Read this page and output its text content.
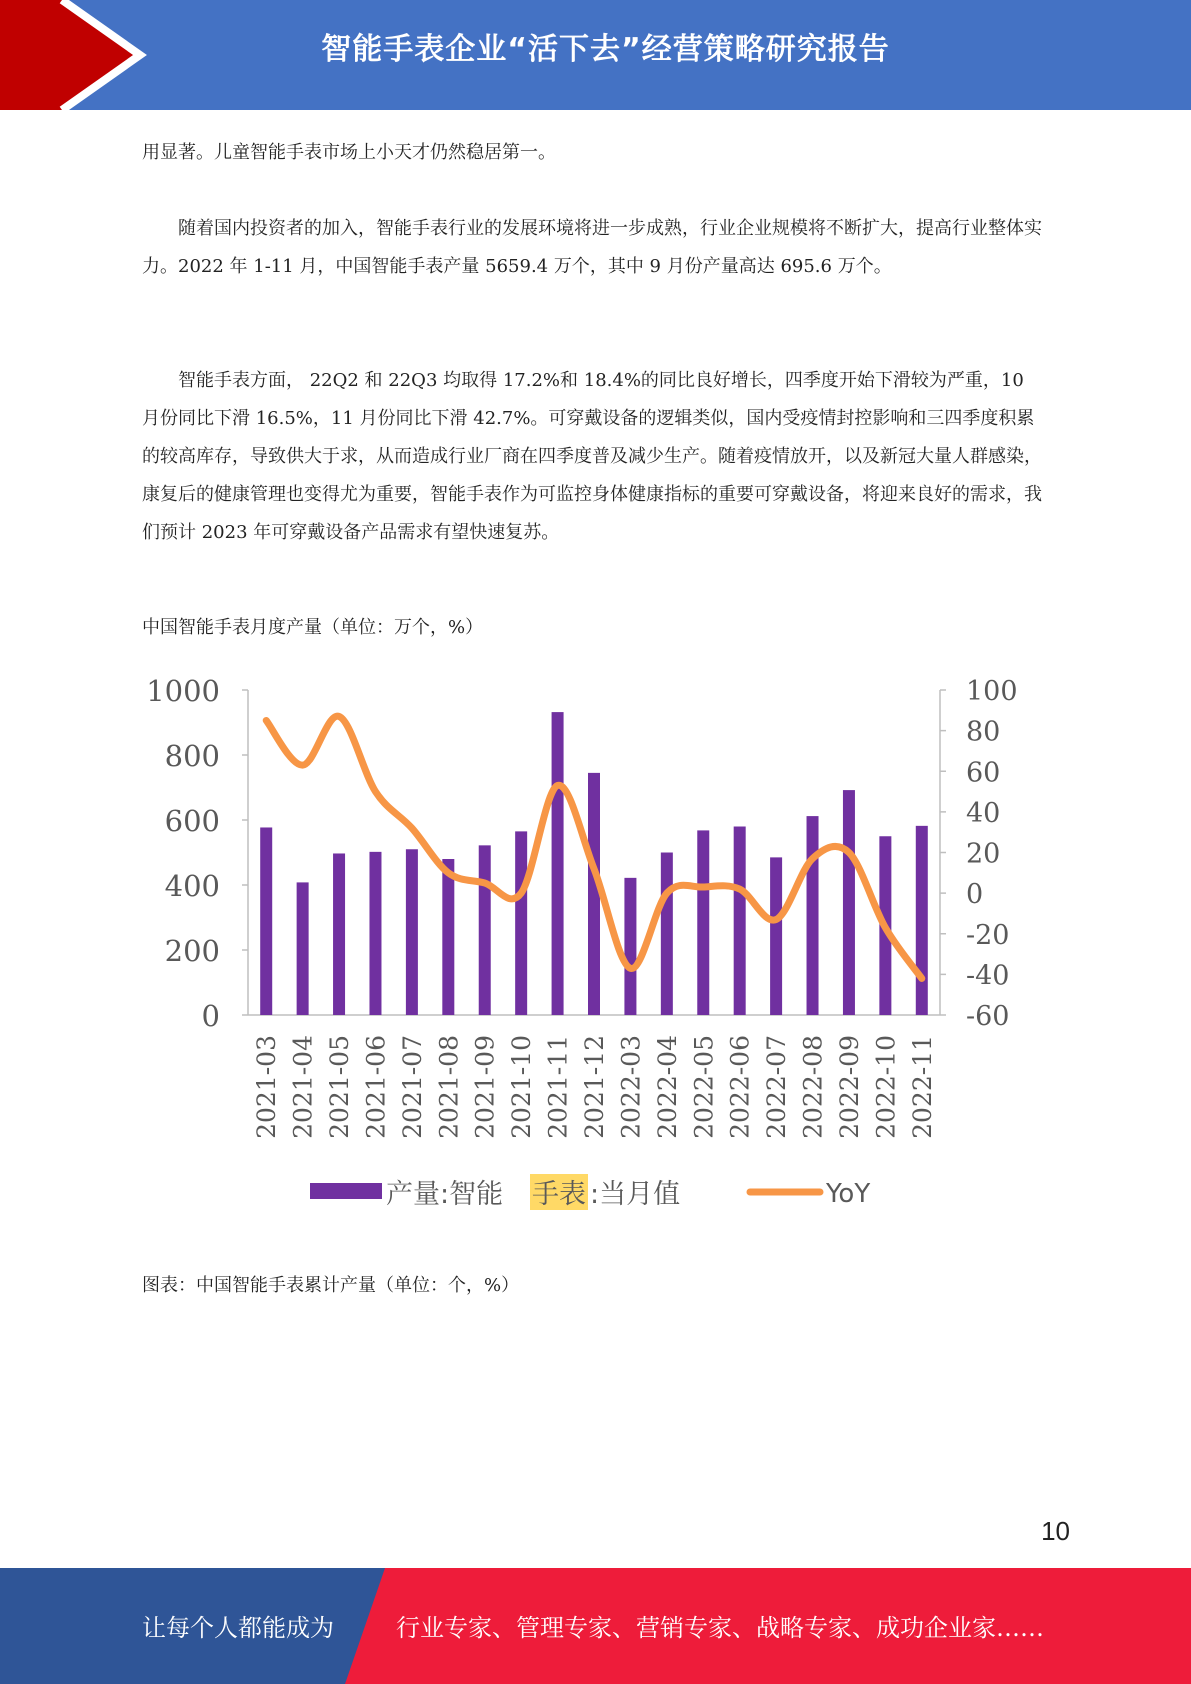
智能手表企业“活下去”经营策略研究报告

用显著。儿童智能手表市场上小天才仍然稳居第一。

随着国内投资者的加入，智能手表行业的发展环境将进一步成熟，行业企业规模将不断扩大，提高行业整体实力。2022 年 1-11 月，中国智能手表产量 5659.4 万个，其中 9 月份产量高达 695.6 万个。

智能手表方面， 22Q2 和 22Q3 均取得 17.2%和 18.4%的同比良好增长，四季度开始下滑较为严重，10 月份同比下滑 16.5%，11 月份同比下滑 42.7%。可穿戴设备的逻辑类似，国内受疫情封控影响和三四季度积累的较高库存，导致供大于求，从而造成行业厂商在四季度普及减少生产。随着疫情放开，以及新冠大量人群感染，康复后的健康管理也变得尤为重要，智能手表作为可监控身体健康指标的重要可穿戴设备，将迎来良好的需求，我们预计 2023 年可穿戴设备产品需求有望快速复苏。

中国智能手表月度产量（单位：万个，%）
0
200
400
600
800
1000
-60
-40
-20
0
20
40
60
80
100
2021-03 2021-04 2021-05 2021-06 2021-07 2021-08 2021-09 2021-10 2021-11 2021-12 2022-03 2022-04 2022-05 2022-06 2022-07 2022-08 2022-09 2022-10 2022-11
产量:智能 手表 :当月值	YoY
图表：中国智能手表累计产量（单位：个，%）
10
让每个人都能成为	行业专家、管理专家、营销专家、战略专家、成功企业家……
